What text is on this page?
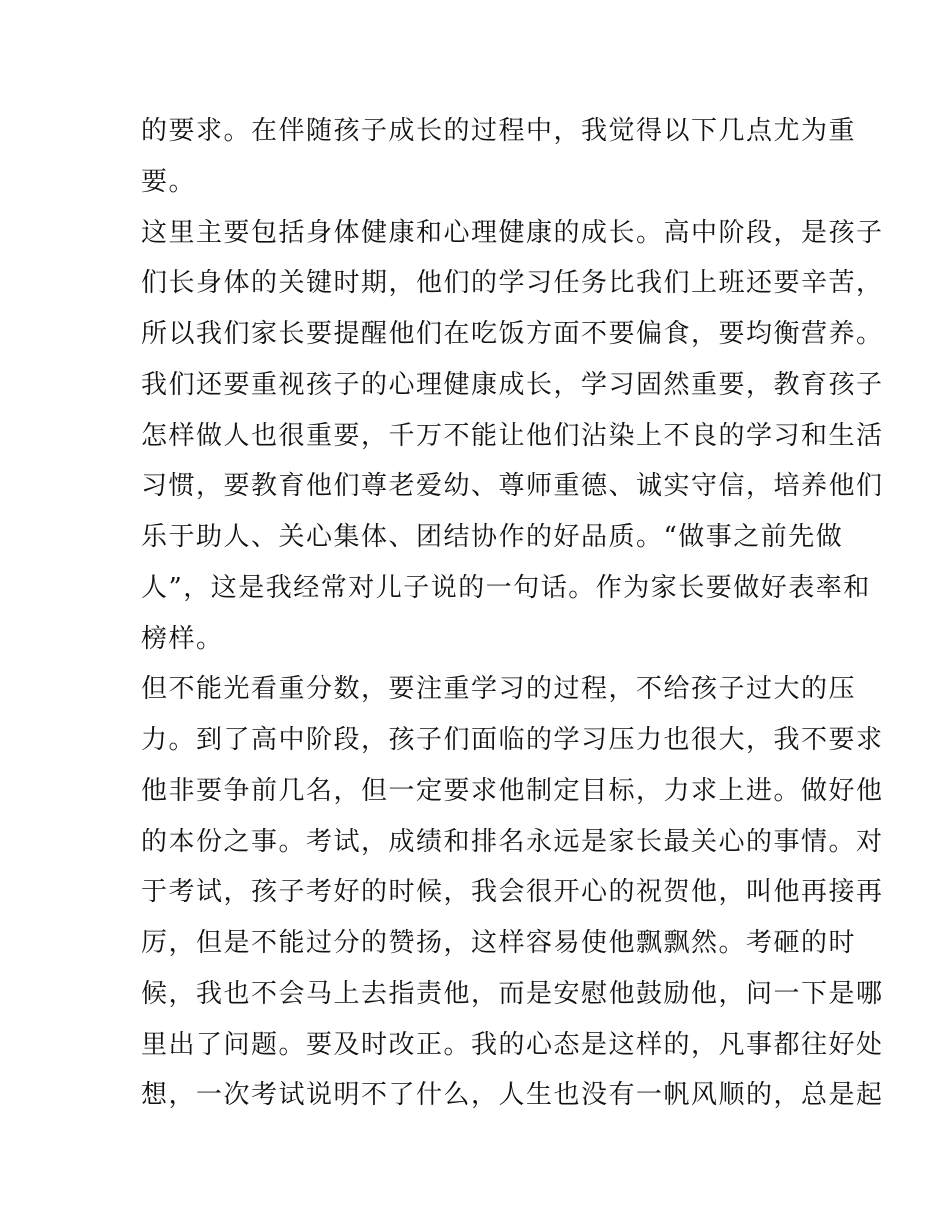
的要求。在伴随孩子成长的过程中，我觉得以下几点尤为重
要。
这里主要包括身体健康和心理健康的成长。高中阶段，是孩子
们长身体的关键时期，他们的学习任务比我们上班还要辛苦，
所以我们家长要提醒他们在吃饭方面不要偏食，要均衡营养。
我们还要重视孩子的心理健康成长，学习固然重要，教育孩子
怎样做人也很重要，千万不能让他们沾染上不良的学习和生活
习惯，要教育他们尊老爱幼、尊师重德、诚实守信，培养他们
乐于助人、关心集体、团结协作的好品质。“做事之前先做
人”，这是我经常对儿子说的一句话。作为家长要做好表率和
榜样。
但不能光看重分数，要注重学习的过程，不给孩子过大的压
力。到了高中阶段，孩子们面临的学习压力也很大，我不要求
他非要争前几名，但一定要求他制定目标，力求上进。做好他
的本份之事。考试，成绩和排名永远是家长最关心的事情。对
于考试，孩子考好的时候，我会很开心的祝贺他，叫他再接再
厉，但是不能过分的赞扬，这样容易使他飘飘然。考砸的时
候，我也不会马上去指责他，而是安慰他鼓励他，问一下是哪
里出了问题。要及时改正。我的心态是这样的，凡事都往好处
想，一次考试说明不了什么，人生也没有一帆风顺的，总是起
